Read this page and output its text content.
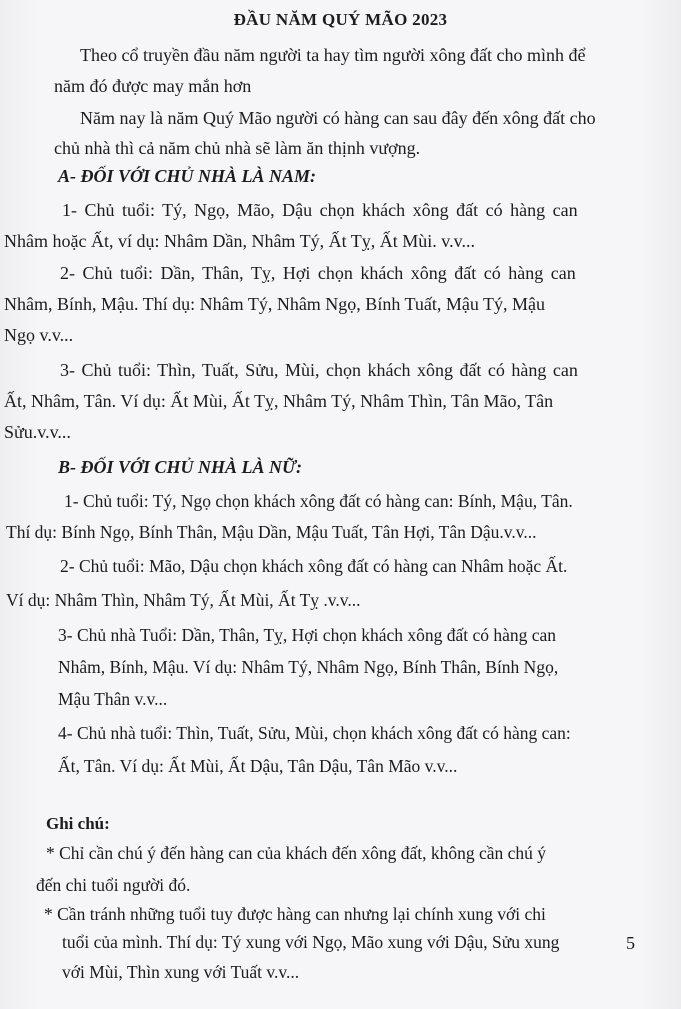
ĐẦU NĂM QUÝ MÃO 2023
Theo cổ truyền đầu năm người ta hay tìm người xông đất cho mình để
năm đó được may mắn hơn
Năm nay là năm Quý Mão người có hàng can sau đây đến xông đất cho
chủ nhà thì cả năm chủ nhà sẽ làm ăn thịnh vượng.
A- ĐỐI VỚI CHỦ NHÀ LÀ NAM:
1- Chủ tuổi: Tý, Ngọ, Mão, Dậu chọn khách xông đất có hàng can
Nhâm hoặc Ất, ví dụ: Nhâm Dần, Nhâm Tý, Ất Tỵ, Ất Mùi. v.v...
2- Chủ tuổi: Dần, Thân, Tỵ, Hợi chọn khách xông đất có hàng can
Nhâm, Bính, Mậu. Thí dụ: Nhâm Tý, Nhâm Ngọ, Bính Tuất, Mậu Tý, Mậu
Ngọ v.v...
3- Chủ tuổi: Thìn, Tuất, Sửu, Mùi, chọn khách xông đất có hàng can
Ất, Nhâm, Tân. Ví dụ: Ất Mùi, Ất Tỵ, Nhâm Tý, Nhâm Thìn, Tân Mão, Tân
Sửu.v.v...
B- ĐỐI VỚI CHỦ NHÀ LÀ NỮ:
1- Chủ tuổi: Tý, Ngọ chọn khách xông đất có hàng can: Bính, Mậu, Tân.
Thí dụ: Bính Ngọ, Bính Thân, Mậu Dần, Mậu Tuất, Tân Hợi, Tân Dậu.v.v...
2- Chủ tuổi: Mão, Dậu chọn khách xông đất có hàng can Nhâm hoặc Ất.
Ví dụ: Nhâm Thìn, Nhâm Tý, Ất Mùi, Ất Tỵ .v.v...
3- Chủ nhà Tuổi: Dần, Thân, Tỵ, Hợi chọn khách xông đất có hàng can
Nhâm, Bính, Mậu. Ví dụ: Nhâm Tý, Nhâm Ngọ, Bính Thân, Bính Ngọ,
Mậu Thân v.v...
4- Chủ nhà tuổi: Thìn, Tuất, Sửu, Mùi, chọn khách xông đất có hàng can:
Ất, Tân. Ví dụ: Ất Mùi, Ất Dậu, Tân Dậu, Tân Mão v.v...
Ghi chú:
* Chỉ cần chú ý đến hàng can của khách đến xông đất, không cần chú ý
đến chi tuổi người đó.
* Cần tránh những tuổi tuy được hàng can nhưng lại chính xung với chi
tuổi của mình. Thí dụ: Tý xung với Ngọ, Mão xung với Dậu, Sửu xung
với Mùi, Thìn xung với Tuất v.v...
5
